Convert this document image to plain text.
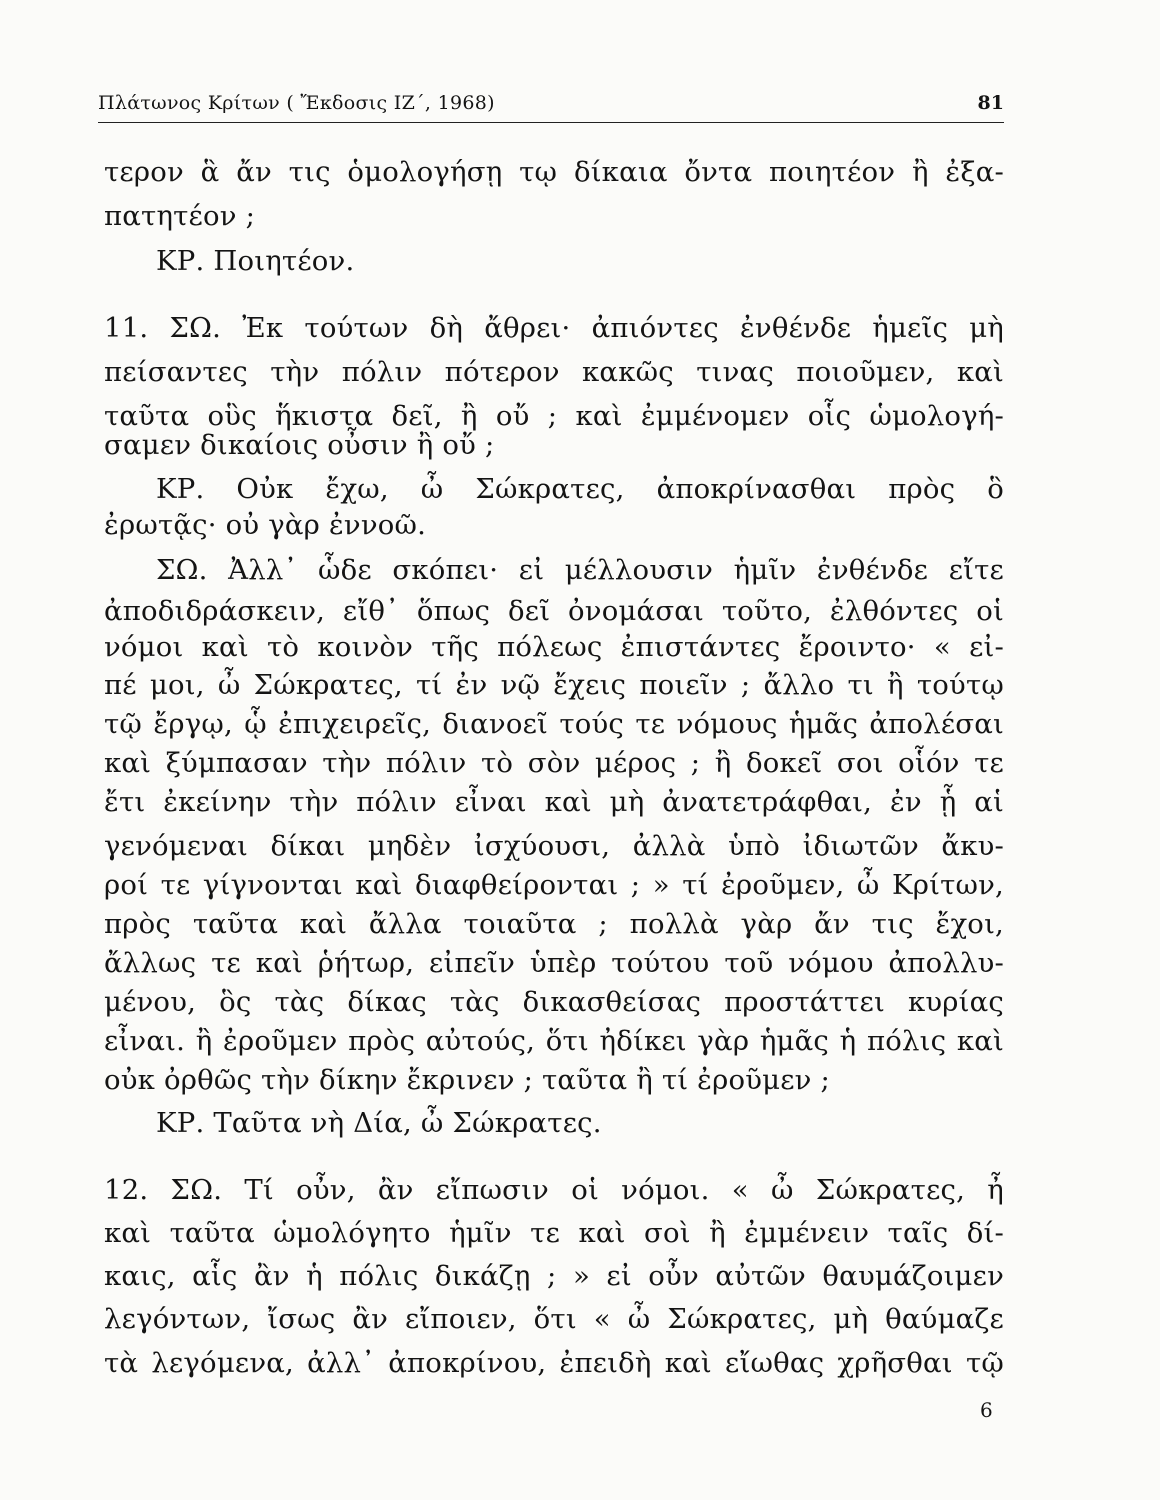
Πλάτωνος Κρίτων ( Ἔκδοσις ΙΖ΄, 1968)	81
τερον ἃ ἄν τις ὁμολογήσῃ τῳ δίκαια ὄντα ποιητέον ἢ ἐξα-
πατητέον ;
ΚΡ. Ποιητέον.
11. ΣΩ. Ἐκ τούτων δὴ ἄθρει· ἀπιόντες ἐνθένδε ἡμεῖς μὴ
πείσαντες τὴν πόλιν πότερον κακῶς τινας ποιοῦμεν, καὶ
ταῦτα οὓς ἥκιστα δεῖ, ἢ οὔ ; καὶ ἐμμένομεν οἷς ὡμολογή-
σαμεν δικαίοις οὖσιν ἢ οὔ ;
ΚΡ. Οὐκ ἔχω, ὦ Σώκρατες, ἀποκρίνασθαι πρὸς ὃ
ἐρωτᾷς· οὐ γὰρ ἐννοῶ.
ΣΩ. Ἀλλ᾽ ὧδε σκόπει· εἰ μέλλουσιν ἡμῖν ἐνθένδε εἴτε
ἀποδιδράσκειν, εἴθ᾽ ὅπως δεῖ ὀνομάσαι τοῦτο, ἐλθόντες οἱ
νόμοι καὶ τὸ κοινὸν τῆς πόλεως ἐπιστάντες ἔροιντο· « εἰ-
πέ μοι, ὦ Σώκρατες, τί ἐν νῷ ἔχεις ποιεῖν ; ἄλλο τι ἢ τούτῳ
τῷ ἔργῳ, ᾧ ἐπιχειρεῖς, διανοεῖ τούς τε νόμους ἡμᾶς ἀπολέσαι
καὶ ξύμπασαν τὴν πόλιν τὸ σὸν μέρος ; ἢ δοκεῖ σοι οἷόν τε
ἔτι ἐκείνην τὴν πόλιν εἶναι καὶ μὴ ἀνατετράφθαι, ἐν ᾗ αἱ
γενόμεναι δίκαι μηδὲν ἰσχύουσι, ἀλλὰ ὑπὸ ἰδιωτῶν ἄκυ-
ροί τε γίγνονται καὶ διαφθείρονται ; » τί ἐροῦμεν, ὦ Κρίτων,
πρὸς ταῦτα καὶ ἄλλα τοιαῦτα ; πολλὰ γὰρ ἄν τις ἔχοι,
ἄλλως τε καὶ ῥήτωρ, εἰπεῖν ὑπὲρ τούτου τοῦ νόμου ἀπολλυ-
μένου, ὃς τὰς δίκας τὰς δικασθείσας προστάττει κυρίας
εἶναι. ἢ ἐροῦμεν πρὸς αὐτούς, ὅτι ἠδίκει γὰρ ἡμᾶς ἡ πόλις καὶ
οὐκ ὀρθῶς τὴν δίκην ἔκρινεν ; ταῦτα ἢ τί ἐροῦμεν ;
ΚΡ. Ταῦτα νὴ Δία, ὦ Σώκρατες.
12. ΣΩ. Τί οὖν, ἂν εἴπωσιν οἱ νόμοι. « ὦ Σώκρατες, ἦ
καὶ ταῦτα ὡμολόγητο ἡμῖν τε καὶ σοὶ ἢ ἐμμένειν ταῖς δί-
καις, αἷς ἂν ἡ πόλις δικάζῃ ; » εἰ οὖν αὐτῶν θαυμάζοιμεν
λεγόντων, ἴσως ἂν εἴποιεν, ὅτι « ὦ Σώκρατες, μὴ θαύμαζε
τὰ λεγόμενα, ἀλλ᾽ ἀποκρίνου, ἐπειδὴ καὶ εἴωθας χρῆσθαι τῷ
6
